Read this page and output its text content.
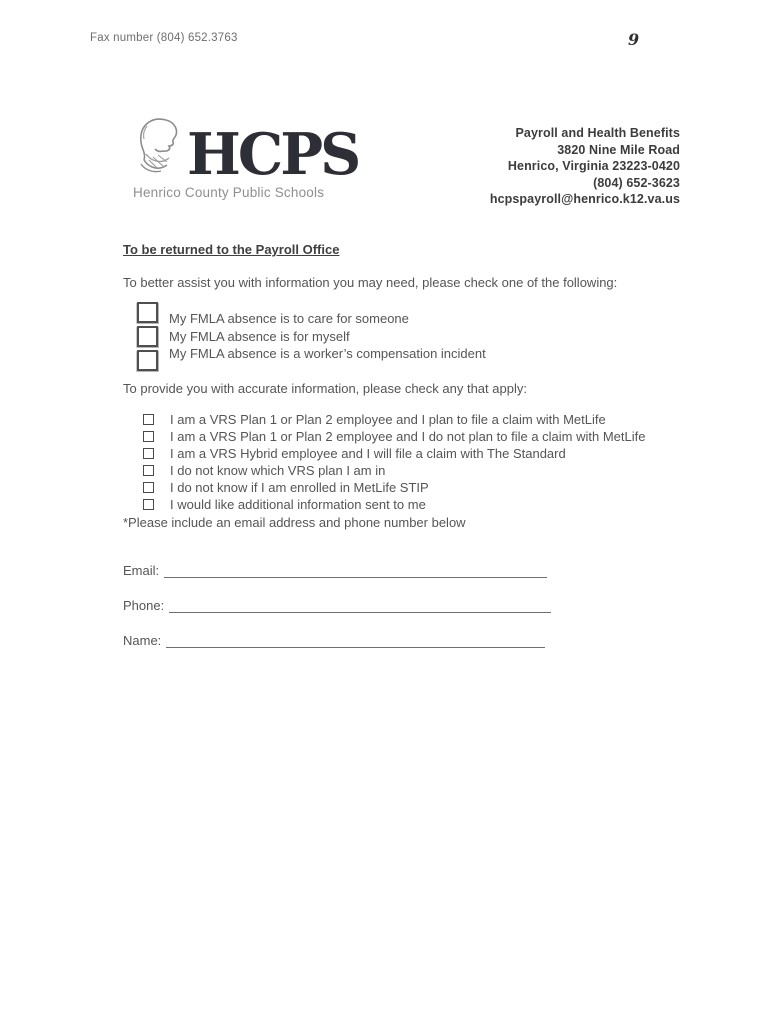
Fax number (804) 652.3763	9
HCPS
Henrico County Public Schools
Payroll and Health Benefits
3820 Nine Mile Road
Henrico, Virginia 23223-0420
(804) 652-3623
hcpspayroll@henrico.k12.va.us
To be returned to the Payroll Office
To better assist you with information you may need, please check one of the following:
My FMLA absence is to care for someone
My FMLA absence is for myself
My FMLA absence is a worker’s compensation incident
To provide you with accurate information, please check any that apply:
I am a VRS Plan 1 or Plan 2 employee and I plan to file a claim with MetLife
I am a VRS Plan 1 or Plan 2 employee and I do not plan to file a claim with MetLife
I am a VRS Hybrid employee and I will file a claim with The Standard
I do not know which VRS plan I am in
I do not know if I am enrolled in MetLife STIP
I would like additional information sent to me
*Please include an email address and phone number below
Email:
Phone:
Name:
